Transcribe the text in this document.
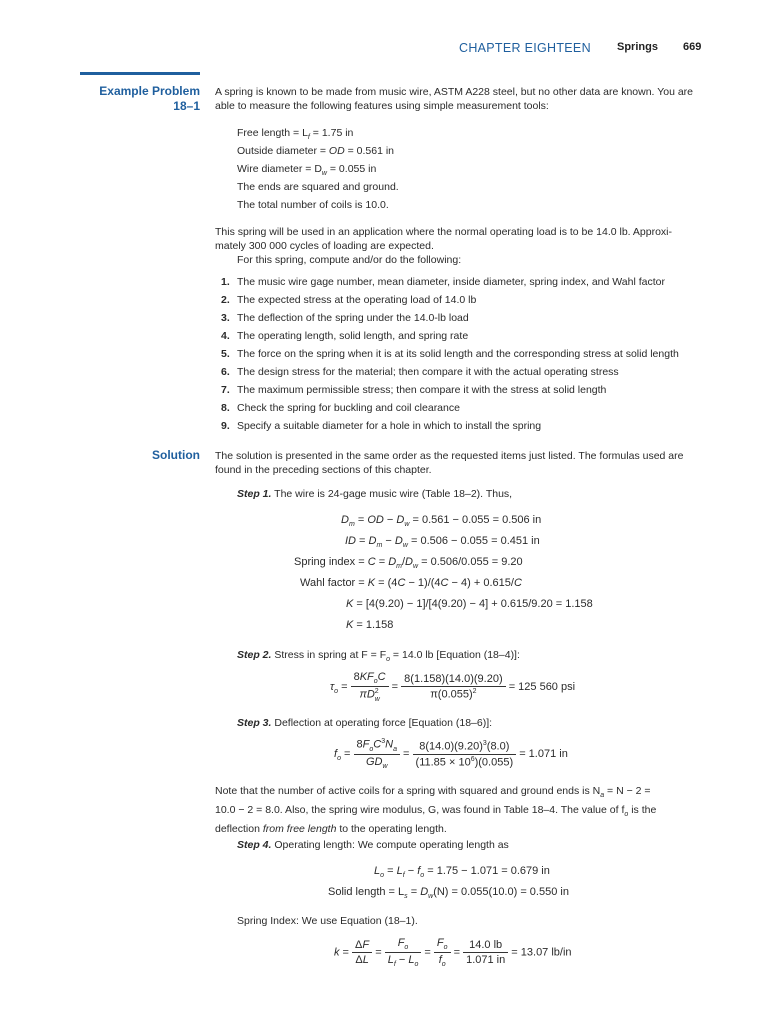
CHAPTER EIGHTEEN Springs 669
Example Problem
18–1
A spring is known to be made from music wire, ASTM A228 steel, but no other data are known. You are
able to measure the following features using simple measurement tools:
Free length = $L_f = 1.75$ in
Outside diameter = OD = 0.561 in
Wire diameter = $D_w = 0.055$ in
The ends are squared and ground.
The total number of coils is 10.0.
This spring will be used in an application where the normal operating load is to be 14.0 lb. Approxi-
mately 300 000 cycles of loading are expected.
For this spring, compute and/or do the following:
1. The music wire gage number, mean diameter, inside diameter, spring index, and Wahl factor
2. The expected stress at the operating load of 14.0 lb
3. The deflection of the spring under the 14.0-lb load
4. The operating length, solid length, and spring rate
5. The force on the spring when it is at its solid length and the corresponding stress at solid length
6. The design stress for the material; then compare it with the actual operating stress
7. The maximum permissible stress; then compare it with the stress at solid length
8. Check the spring for buckling and coil clearance
9. Specify a suitable diameter for a hole in which to install the spring
Solution The solution is presented in the same order as the requested items just listed. The formulas used are
found in the preceding sections of this chapter.
Step 1. The wire is 24-gage music wire (Table 18–2). Thus,
$D_m$ = OD − $D_w = 0.561 - 0.055 = 0.506$ in
ID = $D_m - D_w = 0.506 - 0.055 = 0.451$ in
Spring index = $C = D_m/D_w = 0.506/0.055 = 9.20$
Wahl factor = K = (4C − 1)/(4C − 4) + 0.615/C
K = [4(9.20) − 1]/[4(9.20) − 4] + 0.615/9.20 = 1.158
K = 1.158
Step 2. Stress in spring at $F = F_o = 14.0$ lb [Equation (18–4)]:
$\tau_o = \frac{8KF_oC}{\pi D^2_w} = \frac{8(1.158)(14.0)(9.20)}{\pi(0.055)^2} = 125$ 560 psi
Step 3. Deflection at operating force [Equation (18–6)]:
$f_o = \frac{8F_oC^3N_a}{GD_w} = \frac{8(14.0)(9.20)^3(8.0)}{(11.85 \times 10^6)(0.055)} = 1.071$ in
Note that the number of active coils for a spring with squared and ground ends is $N_a = N - 2$ =
10.0 − 2 = 8.0. Also, the spring wire modulus, G, was found in Table 18–4. The value of $f_o$ is the
deflection from free length to the operating length.
Step 4. Operating length: We compute operating length as
$L_o = L_f - f_o = 1.75 - 1.071 = 0.679$ in
Solid length = $L_s = D_w(N) = 0.055(10.0) = 0.550$ in
Spring Index: We use Equation (18–1).
$k = \frac{\Delta F}{\Delta L} = \frac{F_o}{L_f - L_o} = \frac{F_o}{f_o} = \frac{14.0 lb}{1.071 in} = 13.07$ lb/in
